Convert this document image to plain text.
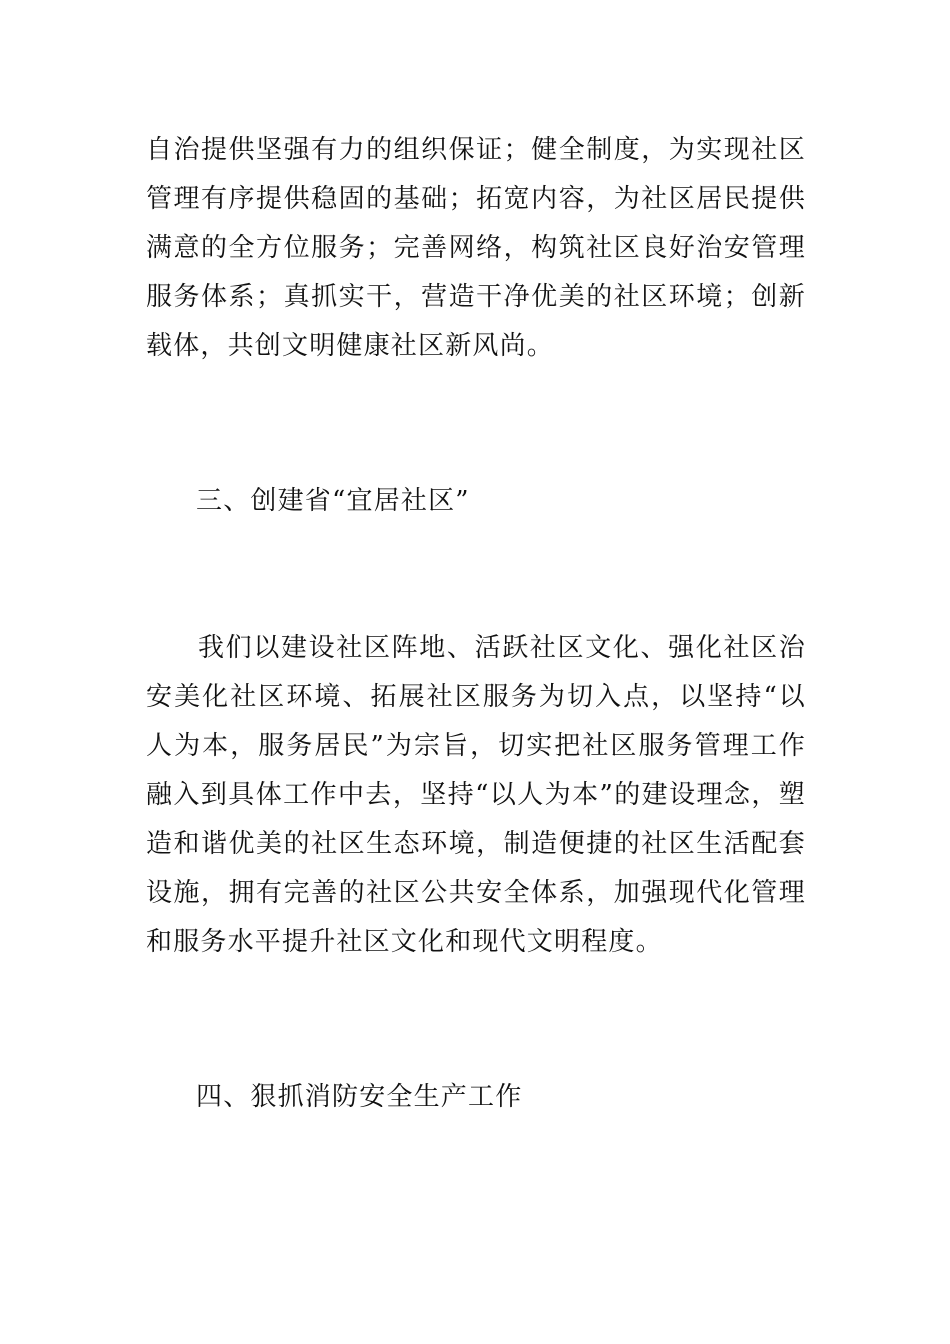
自治提供坚强有力的组织保证；健全制度，为实现社区管理有序提供稳固的基础；拓宽内容，为社区居民提供满意的全方位服务；完善网络，构筑社区良好治安管理服务体系；真抓实干，营造干净优美的社区环境；创新载体，共创文明健康社区新风尚。

三、创建省“宜居社区”

我们以建设社区阵地、活跃社区文化、强化社区治安美化社区环境、拓展社区服务为切入点，以坚持“以人为本，服务居民”为宗旨，切实把社区服务管理工作融入到具体工作中去，坚持“以人为本”的建设理念，塑造和谐优美的社区生态环境，制造便捷的社区生活配套设施，拥有完善的社区公共安全体系，加强现代化管理和服务水平提升社区文化和现代文明程度。

四、狠抓消防安全生产工作
